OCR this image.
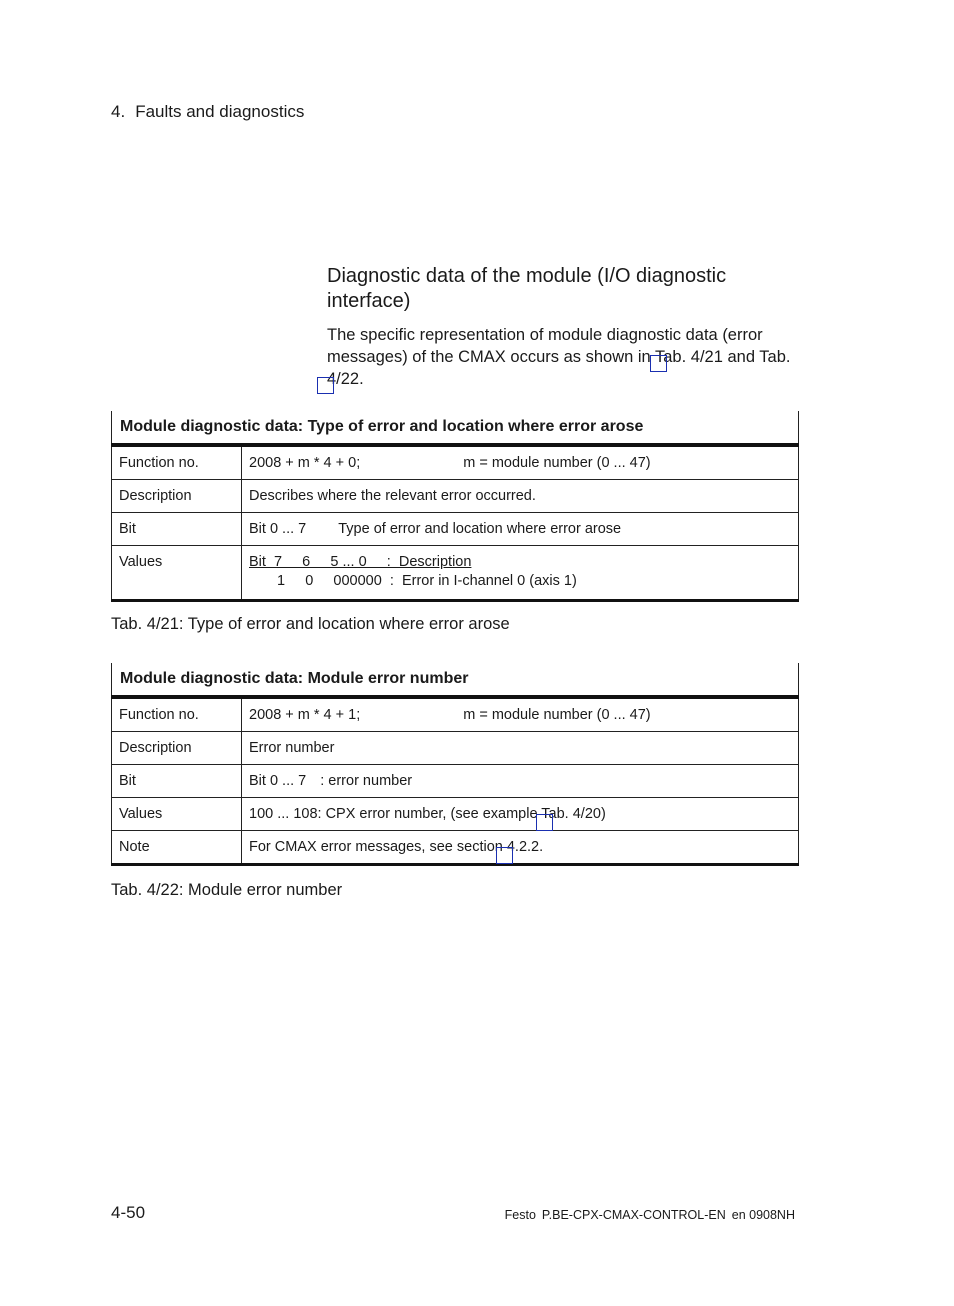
4. Faults and diagnostics
Diagnostic data of the module (I/O diagnostic interface)
The specific representation of module diagnostic data (error messages) of the CMAX occurs as shown in Tab. 4/21 and Tab. 4/22.
Module diagnostic data: Type of error and location where error arose	
Function no.	2008 + m * 4 + 0; m = module number (0 ... 47)
Description	Describes where the relevant error occurred.
Bit	Bit 0 ... 7 Type of error and location where error arose
Values	Bit  7     6     5 ... 0     :  Description
1     0     000000  :  Error in I-channel 0 (axis 1)
Tab. 4/21: Type of error and location where error arose
Module diagnostic data: Module error number	
Function no.	2008 + m * 4 + 1; m = module number (0 ... 47)
Description	Error number
Bit	Bit 0 ... 7 : error number
Values	100 ... 108: CPX error number, (see example Tab. 4/20)
Note	For CMAX error messages, see section 4.2.2.
Tab. 4/22: Module error number
4-50	Festo P.BE-CPX-CMAX-CONTROL-EN en 0908NH
